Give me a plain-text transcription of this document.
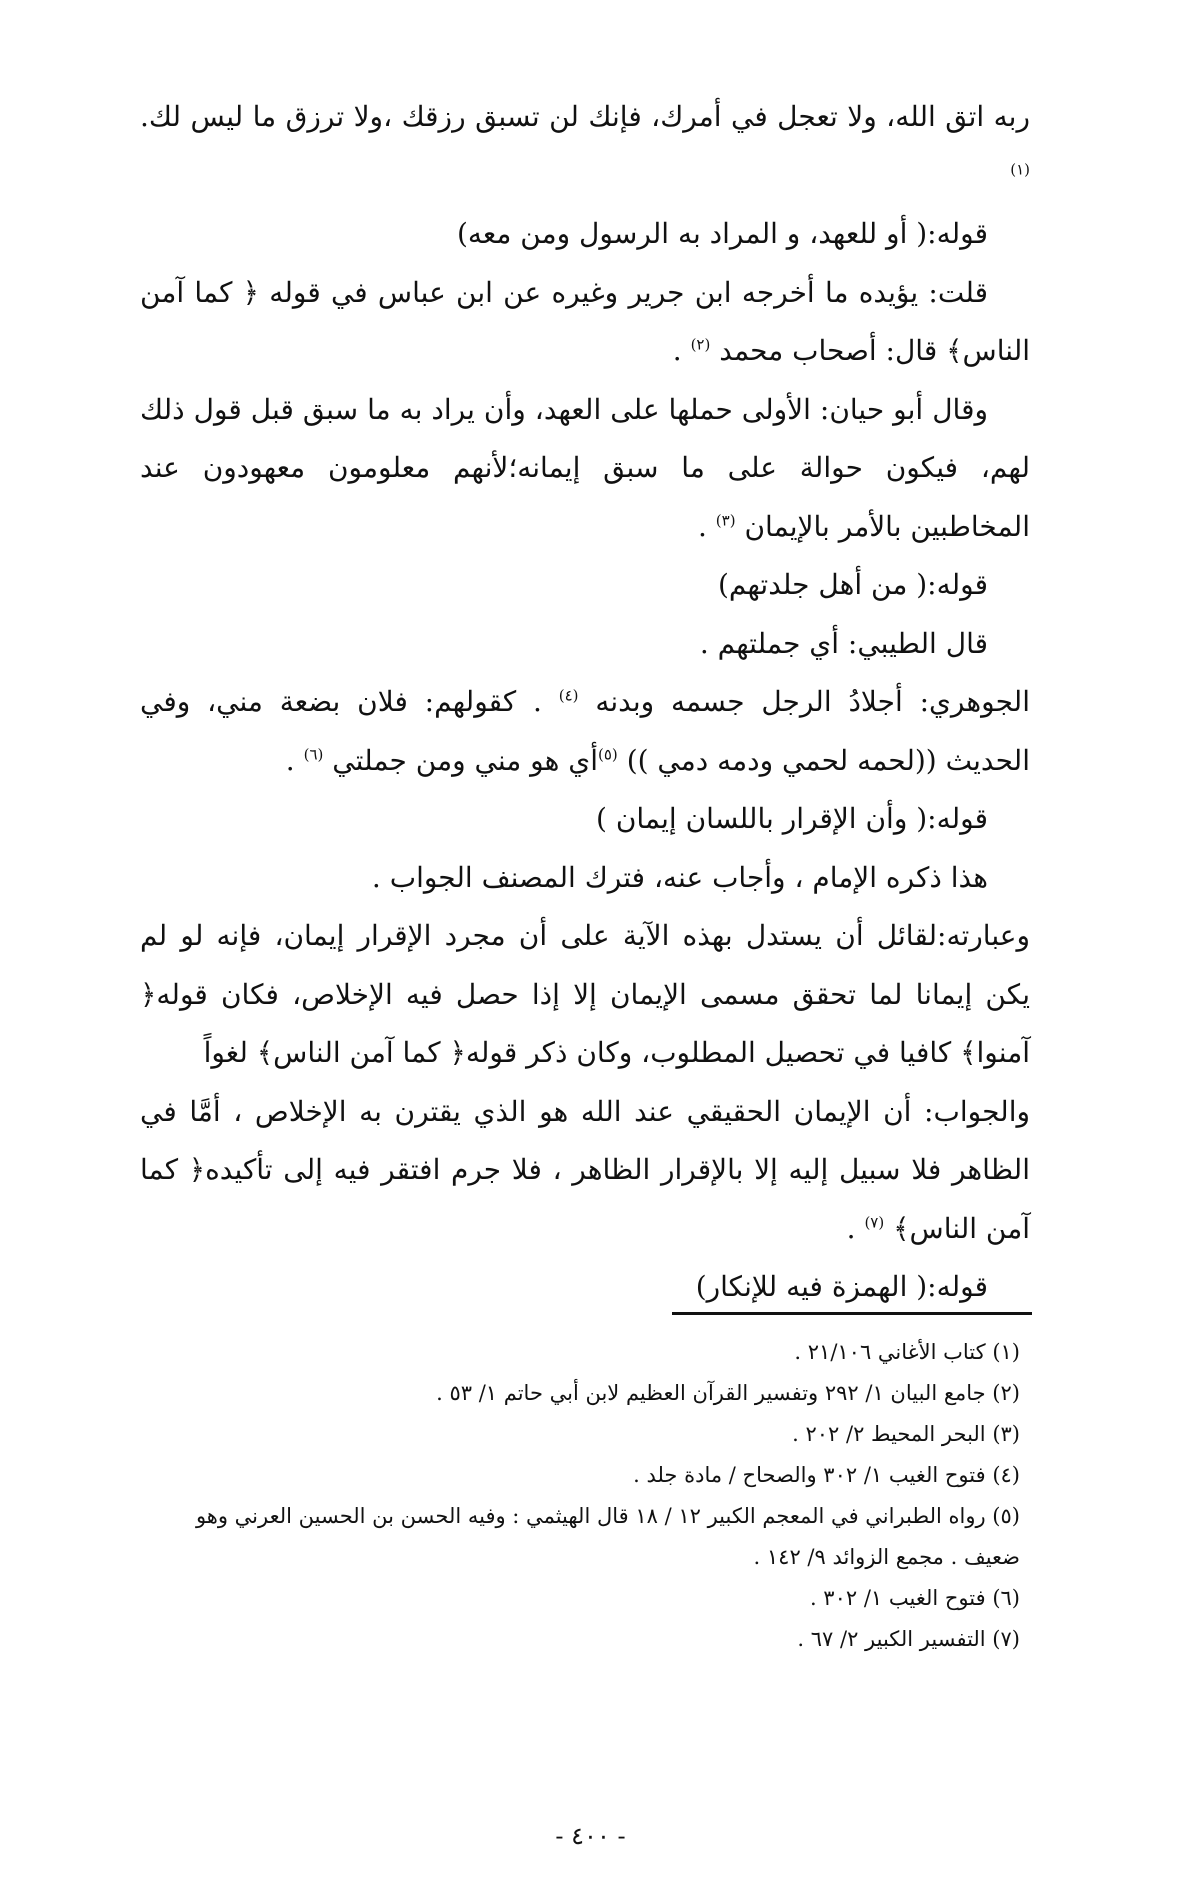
ربه اتق الله، ولا تعجل في أمرك، فإنك لن تسبق رزقك ،ولا ترزق ما ليس لك.$^{(١)}$

قوله:( أو للعهد، و المراد به الرسول ومن معه)

قلت: يؤيده ما أخرجه ابن جرير وغيره عن ابن عباس في قوله ﴿ كما آمن الناس﴾ قال: أصحاب محمد $^{(٢)}$ .

وقال أبو حيان: الأولى حملها على العهد، وأن يراد به ما سبق قبل قول ذلك لهم، فيكون حوالة على ما سبق إيمانه؛لأنهم معلومون معهودون عند المخاطبين بالأمر بالإيمان $^{(٣)}$ .

قوله:( من أهل جلدتهم)

قال الطيبي: أي جملتهم .

الجوهري: أجلادُ الرجل جسمه وبدنه $^{(٤)}$ . كقولهم: فلان بضعة مني، وفي الحديث ((لحمه لحمي ودمه دمي )) $^{(٥)}$أي هو مني ومن جملتي $^{(٦)}$ .

قوله:( وأن الإقرار باللسان إيمان )

هذا ذكره الإمام ، وأجاب عنه، فترك المصنف الجواب .

وعبارته:لقائل أن يستدل بهذه الآية على أن مجرد الإقرار إيمان، فإنه لو لم يكن إيمانا لما تحقق مسمى الإيمان إلا إذا حصل فيه الإخلاص، فكان قوله﴿ آمنوا﴾ كافيا في تحصيل المطلوب، وكان ذكر قوله﴿ كما آمن الناس﴾ لغواً

والجواب: أن الإيمان الحقيقي عند الله هو الذي يقترن به الإخلاص ، أمَّا في الظاهر فلا سبيل إليه إلا بالإقرار الظاهر ، فلا جرم افتقر فيه إلى تأكيده﴿ كما آمن الناس﴾ $^{(٧)}$ .

قوله:( الهمزة فيه للإنكار)

(١) كتاب الأغاني ٢١/١٠٦ .
(٢) جامع البيان ١/ ٢٩٢ وتفسير القرآن العظيم لابن أبي حاتم ١/ ٥٣ .
(٣) البحر المحيط ٢/ ٢٠٢ .
(٤) فتوح الغيب ١/ ٣٠٢ والصحاح / مادة جلد .
(٥) رواه الطبراني في المعجم الكبير ١٢ / ١٨ قال الهيثمي : وفيه الحسن بن الحسين العرني وهو
ضعيف . مجمع الزوائد ٩/ ١٤٢ .
(٦) فتوح الغيب ١/ ٣٠٢ .
(٧) التفسير الكبير ٢/ ٦٧ .
- ٤٠٠ -
